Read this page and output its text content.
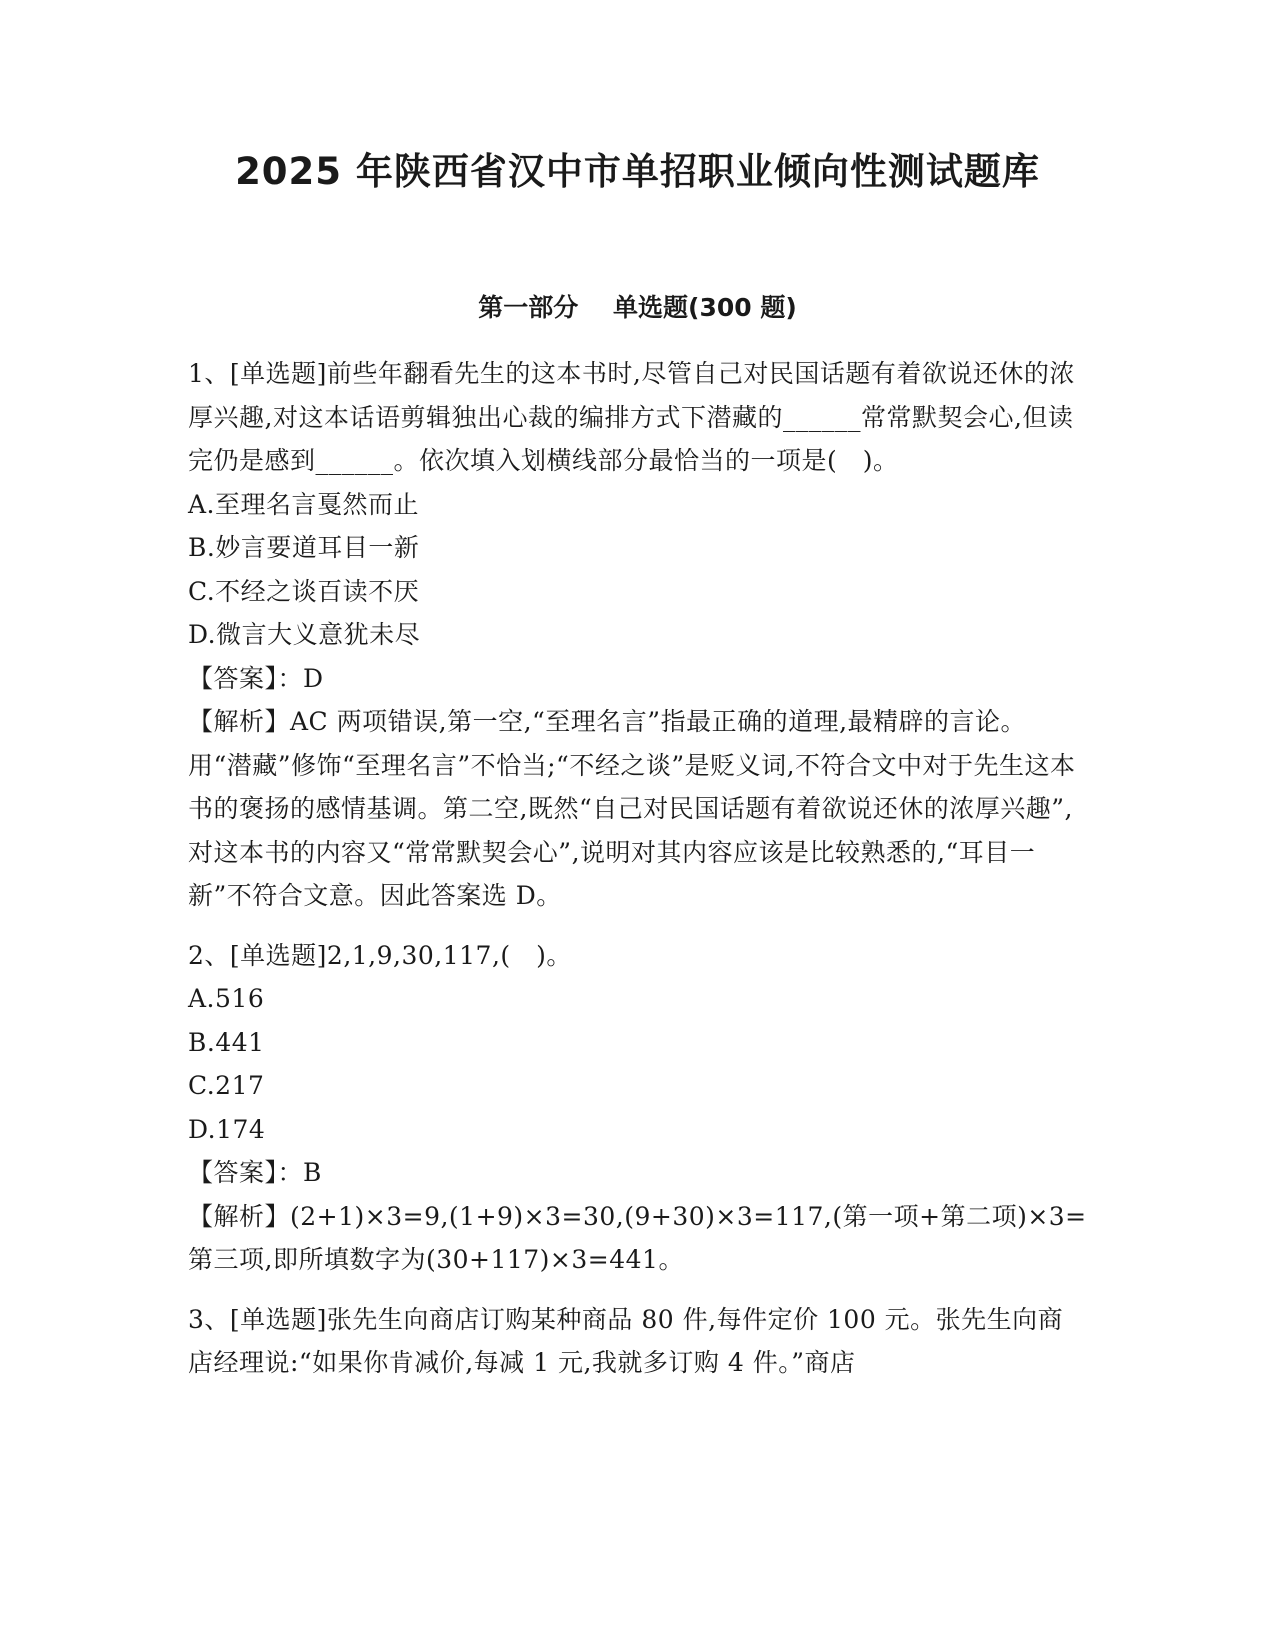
2025 年陕西省汉中市单招职业倾向性测试题库
第一部分    单选题(300 题)

1、[单选题]前些年翻看先生的这本书时,尽管自己对民国话题有着欲说还休的浓厚兴趣,对这本话语剪辑独出心裁的编排方式下潜藏的______常常默契会心,但读完仍是感到______。依次填入划横线部分最恰当的一项是(　)。

A.至理名言戛然而止

B.妙言要道耳目一新

C.不经之谈百读不厌

D.微言大义意犹未尽

【答案】：D

【解析】AC 两项错误,第一空,“至理名言”指最正确的道理,最精辟的言论。用“潜藏”修饰“至理名言”不恰当;“不经之谈”是贬义词,不符合文中对于先生这本书的褒扬的感情基调。第二空,既然“自己对民国话题有着欲说还休的浓厚兴趣”,对这本书的内容又“常常默契会心”,说明对其内容应该是比较熟悉的,“耳目一新”不符合文意。因此答案选 D。

2、[单选题]2,1,9,30,117,(　)。

A.516

B.441

C.217

D.174

【答案】：B

【解析】(2+1)×3=9,(1+9)×3=30,(9+30)×3=117,(第一项+第二项)×3=第三项,即所填数字为(30+117)×3=441。

3、[单选题]张先生向商店订购某种商品 80 件,每件定价 100 元。张先生向商店经理说:“如果你肯减价,每减 1 元,我就多订购 4 件。”商店
